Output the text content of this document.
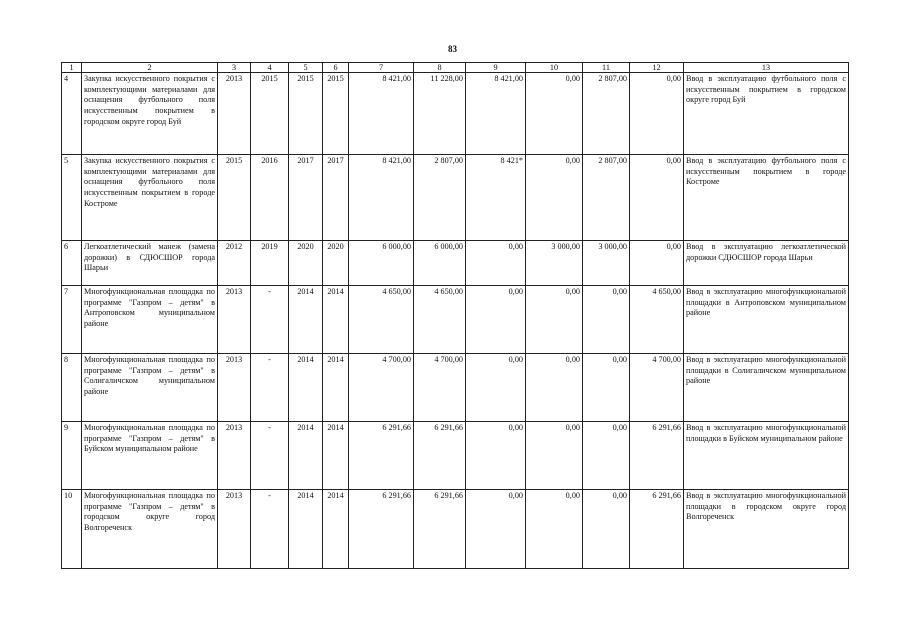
83
1	2	3	4	5	6	7	8	9	10	11	12	13
4	Закупка искусственного покрытия с комплектующими материалами для оснащения футбольного поля искусственным покрытием в городском округе город Буй	2013	2015	2015	2015	8 421,00	11 228,00	8 421,00	0,00	2 807,00	0,00	Ввод в эксплуатацию футбольного поля с искусственным покрытием в городском округе город Буй
5	Закупка искусственного покрытия с комплектующими материалами для оснащения футбольного поля искусственным покрытием в городе Костроме	2015	2016	2017	2017	8 421,00	2 807,00	8 421*	0,00	2 807,00	0,00	Ввод в эксплуатацию футбольного поля с искусственным покрытием в городе Костроме
6	Легкоатлетический манеж (замена дорожки) в СДЮСШОР города Шарьи	2012	2019	2020	2020	6 000,00	6 000,00	0,00	3 000,00	3 000,00	0,00	Ввод в эксплуатацию легкоатлетической дорожки СДЮСШОР города Шарьи
7	Многофункциональная площадка по программе "Газпром – детям" в Антроповском муниципальном районе	2013	-	2014	2014	4 650,00	4 650,00	0,00	0,00	0,00	4 650,00	Ввод в эксплуатацию многофункциональной площадки в Антроповском муниципальном районе
8	Многофункциональная площадка по программе "Газпром – детям" в Солигаличском муниципальном районе	2013	-	2014	2014	4 700,00	4 700,00	0,00	0,00	0,00	4 700,00	Ввод в эксплуатацию многофункциональной площадки в Солигаличском муниципальном районе
9	Многофункциональная площадка по программе "Газпром – детям" в Буйском муниципальном районе	2013	-	2014	2014	6 291,66	6 291,66	0,00	0,00	0,00	6 291,66	Ввод в эксплуатацию многофункциональной площадки в Буйском муниципальном районе
10	Многофункциональная площадка по программе "Газпром – детям" в городском округе город Волгореченск	2013	-	2014	2014	6 291,66	6 291,66	0,00	0,00	0,00	6 291,66	Ввод в эксплуатацию многофункциональной площадки в городском округе город Волгореченск
